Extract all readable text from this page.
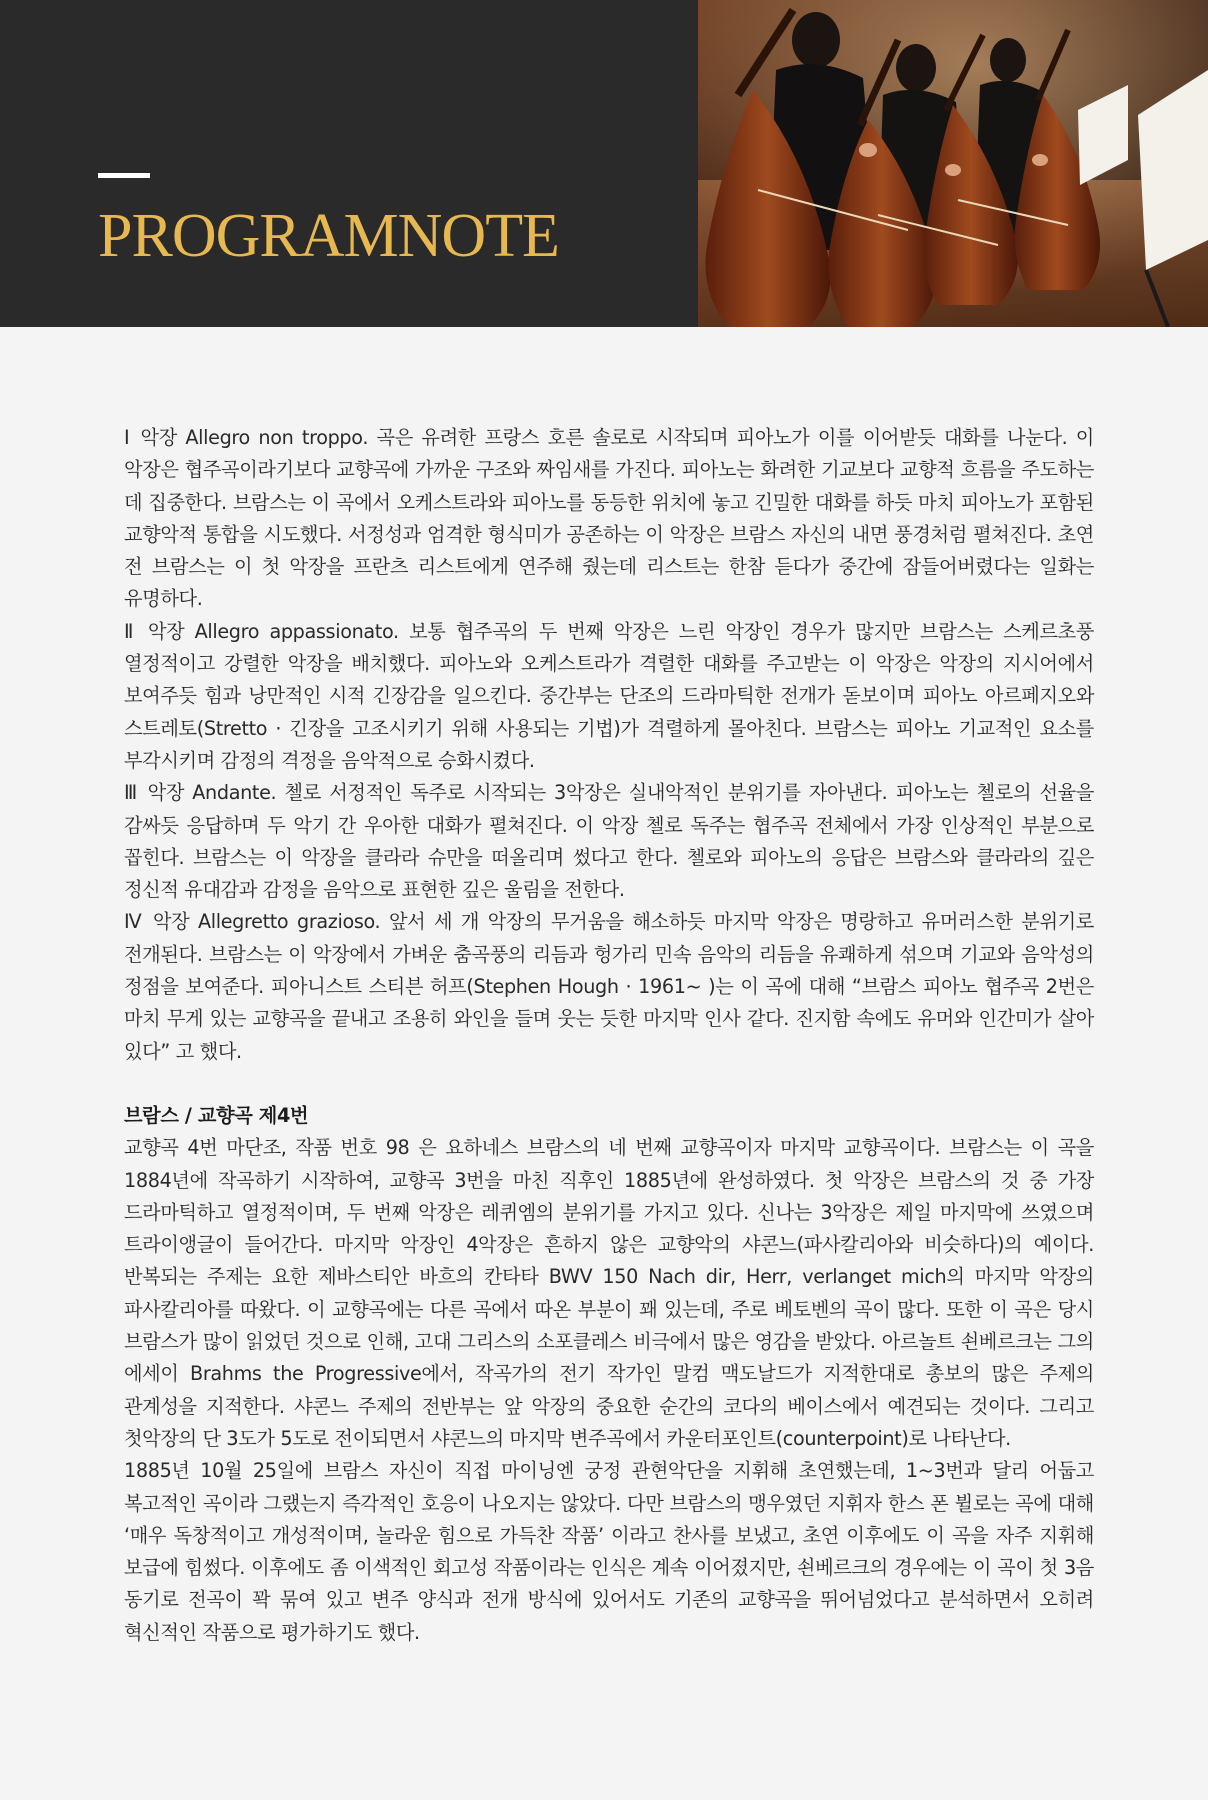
PROGRAMNOTE

Ⅰ 악장 Allegro non troppo. 곡은 유려한 프랑스 호른 솔로로 시작되며 피아노가 이를 이어받듯 대화를 나눈다. 이 악장은 협주곡이라기보다 교향곡에 가까운 구조와 짜임새를 가진다. 피아노는 화려한 기교보다 교향적 흐름을 주도하는 데 집중한다. 브람스는 이 곡에서 오케스트라와 피아노를 동등한 위치에 놓고 긴밀한 대화를 하듯 마치 피아노가 포함된 교향악적 통합을 시도했다. 서정성과 엄격한 형식미가 공존하는 이 악장은 브람스 자신의 내면 풍경처럼 펼쳐진다. 초연 전 브람스는 이 첫 악장을 프란츠 리스트에게 연주해 줬는데 리스트는 한참 듣다가 중간에 잠들어버렸다는 일화는 유명하다.

Ⅱ 악장 Allegro appassionato. 보통 협주곡의 두 번째 악장은 느린 악장인 경우가 많지만 브람스는 스케르초풍 열정적이고 강렬한 악장을 배치했다. 피아노와 오케스트라가 격렬한 대화를 주고받는 이 악장은 악장의 지시어에서 보여주듯 힘과 낭만적인 시적 긴장감을 일으킨다. 중간부는 단조의 드라마틱한 전개가 돋보이며 피아노 아르페지오와 스트레토(Stretto · 긴장을 고조시키기 위해 사용되는 기법)가 격렬하게 몰아친다. 브람스는 피아노 기교적인 요소를 부각시키며 감정의 격정을 음악적으로 승화시켰다.

Ⅲ 악장 Andante. 첼로 서정적인 독주로 시작되는 3악장은 실내악적인 분위기를 자아낸다. 피아노는 첼로의 선율을 감싸듯 응답하며 두 악기 간 우아한 대화가 펼쳐진다. 이 악장 첼로 독주는 협주곡 전체에서 가장 인상적인 부분으로 꼽힌다. 브람스는 이 악장을 클라라 슈만을 떠올리며 썼다고 한다. 첼로와 피아노의 응답은 브람스와 클라라의 깊은 정신적 유대감과 감정을 음악으로 표현한 깊은 울림을 전한다.

Ⅳ 악장 Allegretto grazioso. 앞서 세 개 악장의 무거움을 해소하듯 마지막 악장은 명랑하고 유머러스한 분위기로 전개된다. 브람스는 이 악장에서 가벼운 춤곡풍의 리듬과 헝가리 민속 음악의 리듬을 유쾌하게 섞으며 기교와 음악성의 정점을 보여준다. 피아니스트 스티븐 허프(Stephen Hough · 1961~ )는 이 곡에 대해 “브람스 피아노 협주곡 2번은 마치 무게 있는 교향곡을 끝내고 조용히 와인을 들며 웃는 듯한 마지막 인사 같다. 진지함 속에도 유머와 인간미가 살아 있다” 고 했다.

브람스 / 교향곡 제4번

교향곡 4번 마단조, 작품 번호 98 은 요하네스 브람스의 네 번째 교향곡이자 마지막 교향곡이다. 브람스는 이 곡을 1884년에 작곡하기 시작하여, 교향곡 3번을 마친 직후인 1885년에 완성하였다. 첫 악장은 브람스의 것 중 가장 드라마틱하고 열정적이며, 두 번째 악장은 레퀴엠의 분위기를 가지고 있다. 신나는 3악장은 제일 마지막에 쓰였으며 트라이앵글이 들어간다. 마지막 악장인 4악장은 흔하지 않은 교향악의 샤콘느(파사칼리아와 비슷하다)의 예이다. 반복되는 주제는 요한 제바스티안 바흐의 칸타타 BWV 150 Nach dir, Herr, verlanget mich의 마지막 악장의 파사칼리아를 따왔다. 이 교향곡에는 다른 곡에서 따온 부분이 꽤 있는데, 주로 베토벤의 곡이 많다. 또한 이 곡은 당시 브람스가 많이 읽었던 것으로 인해, 고대 그리스의 소포클레스 비극에서 많은 영감을 받았다. 아르놀트 쇤베르크는 그의 에세이 Brahms the Progressive에서, 작곡가의 전기 작가인 말컴 맥도날드가 지적한대로 총보의 많은 주제의 관계성을 지적한다. 샤콘느 주제의 전반부는 앞 악장의 중요한 순간의 코다의 베이스에서 예견되는 것이다. 그리고 첫악장의 단 3도가 5도로 전이되면서 샤콘느의 마지막 변주곡에서 카운터포인트(counterpoint)로 나타난다.

1885년 10월 25일에 브람스 자신이 직접 마이닝엔 궁정 관현악단을 지휘해 초연했는데, 1~3번과 달리 어둡고 복고적인 곡이라 그랬는지 즉각적인 호응이 나오지는 않았다. 다만 브람스의 맹우였던 지휘자 한스 폰 뷜로는 곡에 대해 ‘매우 독창적이고 개성적이며, 놀라운 힘으로 가득찬 작품’ 이라고 찬사를 보냈고, 초연 이후에도 이 곡을 자주 지휘해 보급에 힘썼다. 이후에도 좀 이색적인 회고성 작품이라는 인식은 계속 이어졌지만, 쇤베르크의 경우에는 이 곡이 첫 3음 동기로 전곡이 꽉 묶여 있고 변주 양식과 전개 방식에 있어서도 기존의 교향곡을 뛰어넘었다고 분석하면서 오히려 혁신적인 작품으로 평가하기도 했다.
